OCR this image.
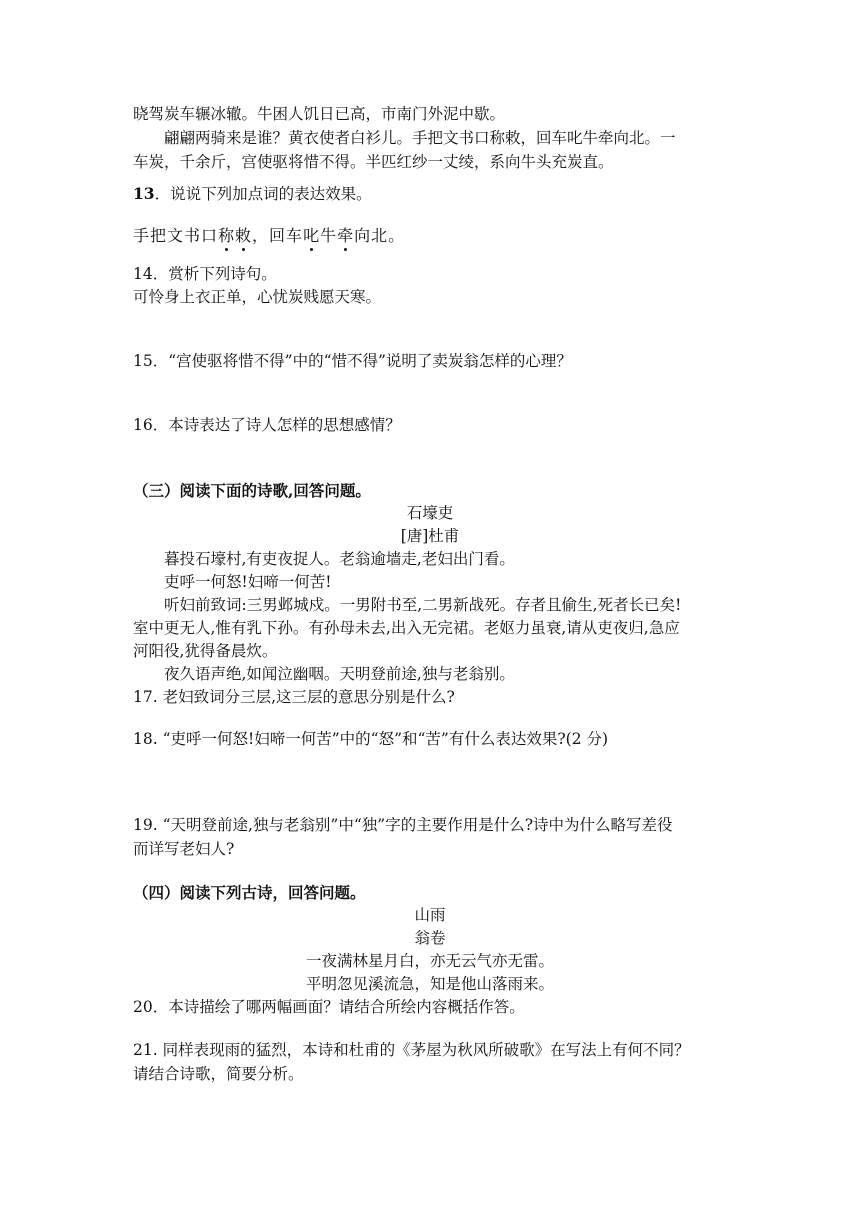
晓驾炭车辗冰辙。牛困人饥日已高，市南门外泥中歇。
翩翩两骑来是谁？黄衣使者白衫儿。手把文书口称敕，回车叱牛牵向北。一
车炭，千余斤，宫使驱将惜不得。半匹红纱一丈绫，系向牛头充炭直。
13．说说下列加点词的表达效果。
手把文书口称敕，回车叱牛牵向北。
14．赏析下列诗句。
可怜身上衣正单，心忧炭贱愿天寒。
15．“宫使驱将惜不得”中的“惜不得”说明了卖炭翁怎样的心理？
16．本诗表达了诗人怎样的思想感情？
（三）阅读下面的诗歌,回答问题。
石壕吏
[唐]杜甫
暮投石壕村,有吏夜捉人。老翁逾墙走,老妇出门看。
吏呼一何怒!妇啼一何苦!
听妇前致词:三男邺城戍。一男附书至,二男新战死。存者且偷生,死者长已矣!
室中更无人,惟有乳下孙。有孙母未去,出入无完裙。老妪力虽衰,请从吏夜归,急应
河阳役,犹得备晨炊。
夜久语声绝,如闻泣幽咽。天明登前途,独与老翁别。
17. 老妇致词分三层,这三层的意思分别是什么?
18. “吏呼一何怒!妇啼一何苦”中的“怒”和“苦”有什么表达效果?(2 分)
19. “天明登前途,独与老翁别”中“独”字的主要作用是什么?诗中为什么略写差役
而详写老妇人?
（四）阅读下列古诗，回答问题。
山雨
翁卷
一夜满林星月白，亦无云气亦无雷。
平明忽见溪流急，知是他山落雨来。
20．本诗描绘了哪两幅画面？请结合所绘内容概括作答。
21. 同样表现雨的猛烈，本诗和杜甫的《茅屋为秋风所破歌》在写法上有何不同？
请结合诗歌，简要分析。
